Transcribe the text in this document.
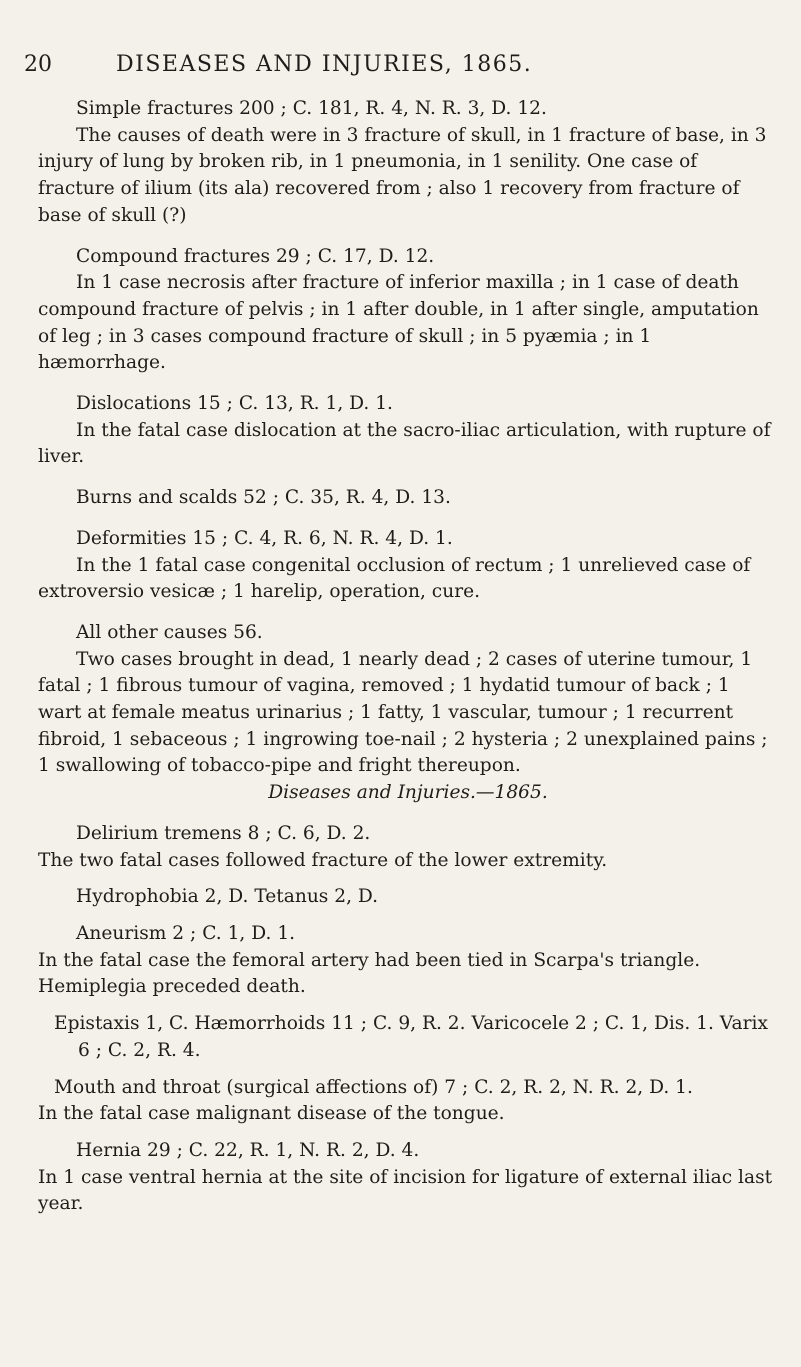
20	DISEASES AND INJURIES, 1865.

Simple fractures 200 ; C. 181, R. 4, N. R. 3, D. 12.

The causes of death were in 3 fracture of skull, in 1 fracture of base, in 3 injury of lung by broken rib, in 1 pneumonia, in 1 senility. One case of fracture of ilium (its ala) recovered from ; also 1 recovery from fracture of base of skull (?)

Compound fractures 29 ; C. 17, D. 12.

In 1 case necrosis after fracture of inferior maxilla ; in 1 case of death compound fracture of pelvis ; in 1 after double, in 1 after single, amputation of leg ; in 3 cases compound fracture of skull ; in 5 pyæmia ; in 1 hæmorrhage.

Dislocations 15 ; C. 13, R. 1, D. 1.

In the fatal case dislocation at the sacro-iliac articulation, with rupture of liver.

Burns and scalds 52 ; C. 35, R. 4, D. 13.

Deformities 15 ; C. 4, R. 6, N. R. 4, D. 1.

In the 1 fatal case congenital occlusion of rectum ; 1 unrelieved case of extroversio vesicæ ; 1 harelip, operation, cure.

All other causes 56.

Two cases brought in dead, 1 nearly dead ; 2 cases of uterine tumour, 1 fatal ; 1 fibrous tumour of vagina, removed ; 1 hydatid tumour of back ; 1 wart at female meatus urinarius ; 1 fatty, 1 vascular, tumour ; 1 recurrent fibroid, 1 sebaceous ; 1 ingrowing toe-nail ; 2 hysteria ; 2 unexplained pains ; 1 swallowing of tobacco-pipe and fright thereupon.

Diseases and Injuries.—1865.

Delirium tremens 8 ; C. 6, D. 2.

The two fatal cases followed fracture of the lower extremity.

Hydrophobia 2, D. Tetanus 2, D.

Aneurism 2 ; C. 1, D. 1.

In the fatal case the femoral artery had been tied in Scarpa's triangle. Hemiplegia preceded death.

Epistaxis 1, C. Hæmorrhoids 11 ; C. 9, R. 2. Varicocele 2 ; C. 1, Dis. 1. Varix 6 ; C. 2, R. 4.

Mouth and throat (surgical affections of) 7 ; C. 2, R. 2, N. R. 2, D. 1.

In the fatal case malignant disease of the tongue.

Hernia 29 ; C. 22, R. 1, N. R. 2, D. 4.

In 1 case ventral hernia at the site of incision for ligature of external iliac last year.
